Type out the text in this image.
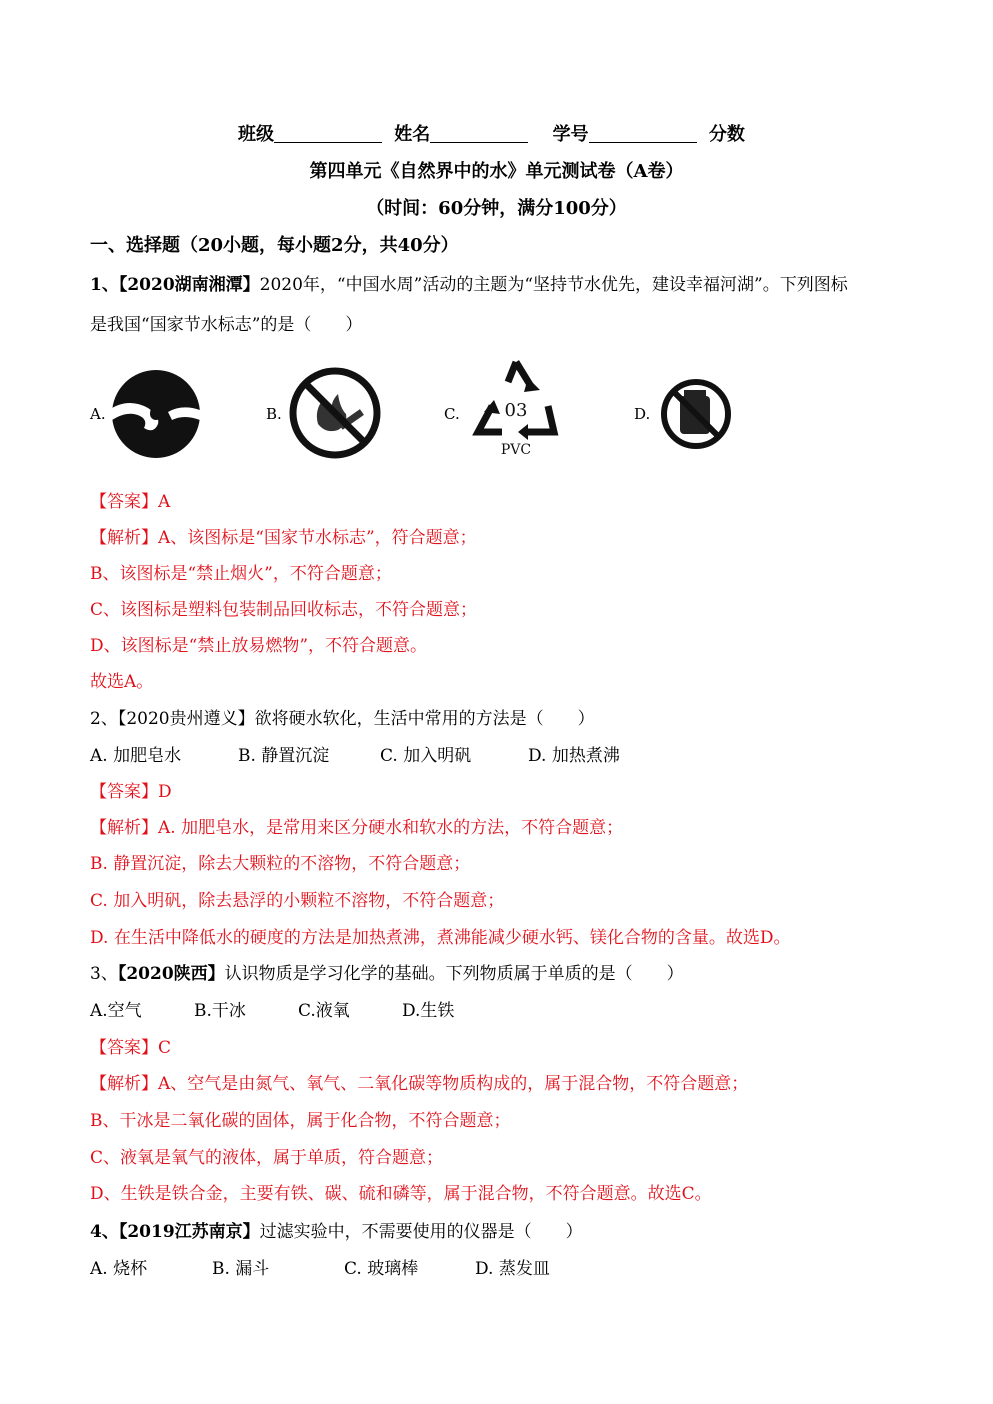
班级	姓名	学号	分数
第四单元《自然界中的水》单元测试卷（A卷）
（时间：60分钟，满分100分）
一、选择题（20小题，每小题2分，共40分）
1、【2020湖南湘潭】2020年，“中国水周”活动的主题为“坚持节水优先，建设幸福河湖”。下列图标
是我国“国家节水标志”的是（　　）
A.	B.	C. 03
PVC
D.
【答案】A
【解析】A、该图标是“国家节水标志”，符合题意；
B、该图标是“禁止烟火”，不符合题意；
C、该图标是塑料包装制品回收标志，不符合题意；
D、该图标是“禁止放易燃物”，不符合题意。
故选A。
2、【2020贵州遵义】欲将硬水软化，生活中常用的方法是（　　）
A. 加肥皂水	B. 静置沉淀	C. 加入明矾	D. 加热煮沸
【答案】D
【解析】A. 加肥皂水，是常用来区分硬水和软水的方法，不符合题意；
B. 静置沉淀，除去大颗粒的不溶物，不符合题意；
C. 加入明矾，除去悬浮的小颗粒不溶物，不符合题意；
D. 在生活中降低水的硬度的方法是加热煮沸，煮沸能减少硬水钙、镁化合物的含量。故选D。
3、【2020陕西】认识物质是学习化学的基础。下列物质属于单质的是（　　）
A.空气	B.干冰	C.液氧	D.生铁
【答案】C
【解析】A、空气是由氮气、氧气、二氧化碳等物质构成的，属于混合物，不符合题意；
B、干冰是二氧化碳的固体，属于化合物，不符合题意；
C、液氧是氧气的液体，属于单质，符合题意；
D、生铁是铁合金，主要有铁、碳、硫和磷等，属于混合物，不符合题意。故选C。
4、【2019江苏南京】过滤实验中，不需要使用的仪器是（　　）
A. 烧杯	B. 漏斗	C. 玻璃棒	D. 蒸发皿
